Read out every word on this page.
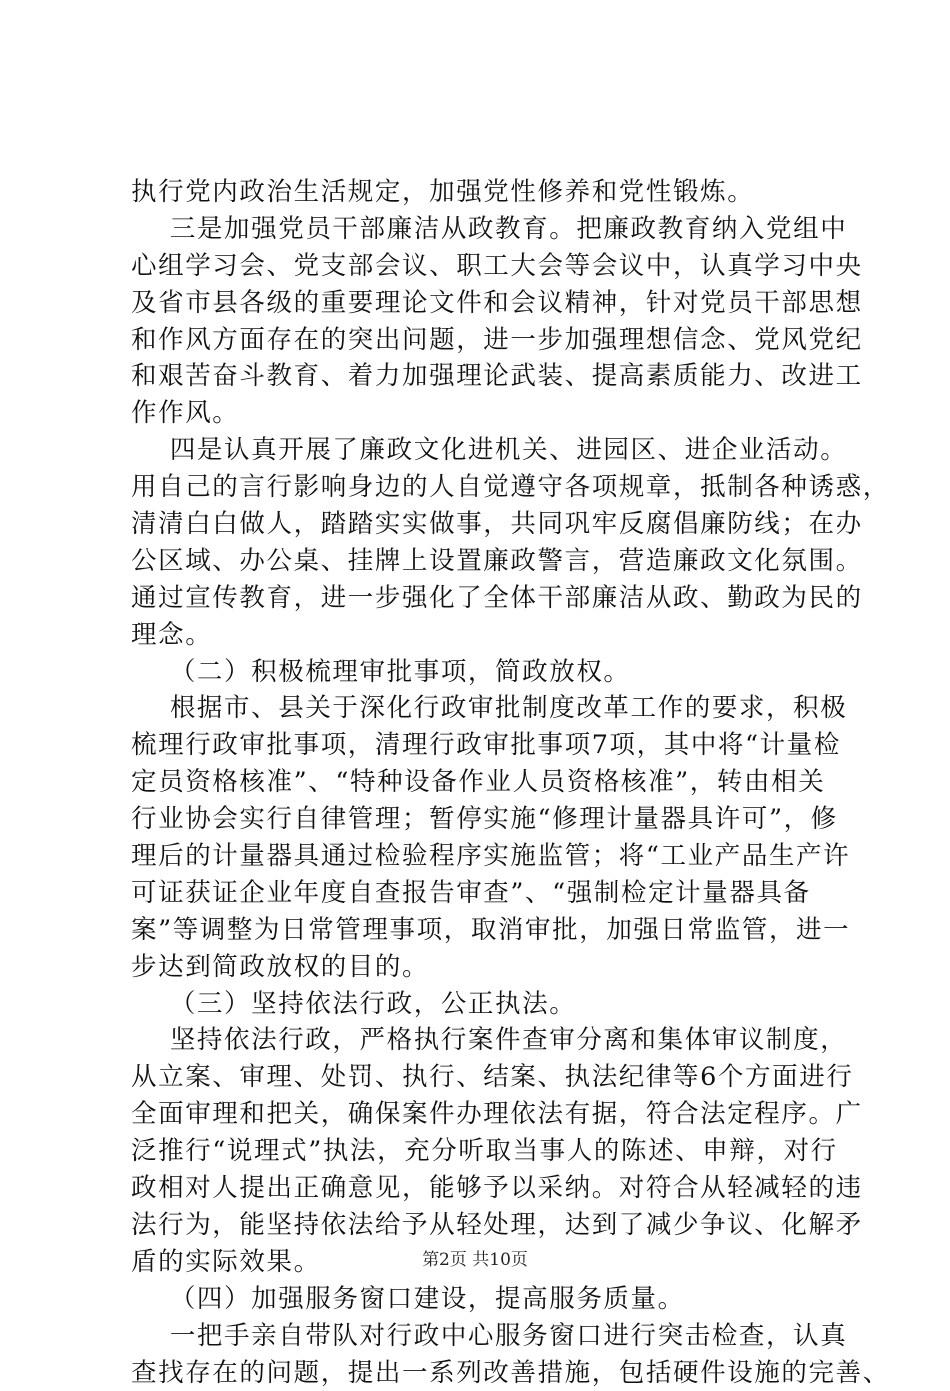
执行党内政治生活规定，加强党性修养和党性锻炼。
三是加强党员干部廉洁从政教育。把廉政教育纳入党组中
心组学习会、党支部会议、职工大会等会议中，认真学习中央
及省市县各级的重要理论文件和会议精神，针对党员干部思想
和作风方面存在的突出问题，进一步加强理想信念、党风党纪
和艰苦奋斗教育、着力加强理论武装、提高素质能力、改进工
作作风。
四是认真开展了廉政文化进机关、进园区、进企业活动。
用自己的言行影响身边的人自觉遵守各项规章，抵制各种诱惑，
清清白白做人，踏踏实实做事，共同巩牢反腐倡廉防线；在办
公区域、办公桌、挂牌上设置廉政警言，营造廉政文化氛围。
通过宣传教育，进一步强化了全体干部廉洁从政、勤政为民的
理念。
（二）积极梳理审批事项，简政放权。
根据市、县关于深化行政审批制度改革工作的要求，积极
梳理行政审批事项，清理行政审批事项7项，其中将“计量检
定员资格核准”、“特种设备作业人员资格核准”，转由相关
行业协会实行自律管理；暂停实施“修理计量器具许可”，修
理后的计量器具通过检验程序实施监管；将“工业产品生产许
可证获证企业年度自查报告审查”、“强制检定计量器具备
案”等调整为日常管理事项，取消审批，加强日常监管，进一
步达到简政放权的目的。
（三）坚持依法行政，公正执法。
坚持依法行政，严格执行案件查审分离和集体审议制度，
从立案、审理、处罚、执行、结案、执法纪律等6个方面进行
全面审理和把关，确保案件办理依法有据，符合法定程序。广
泛推行“说理式”执法，充分听取当事人的陈述、申辩，对行
政相对人提出正确意见，能够予以采纳。对符合从轻减轻的违
法行为，能坚持依法给予从轻处理，达到了减少争议、化解矛
盾的实际效果。
（四）加强服务窗口建设，提高服务质量。
一把手亲自带队对行政中心服务窗口进行突击检查，认真
查找存在的问题，提出一系列改善措施，包括硬件设施的完善、
第2页 共10页
